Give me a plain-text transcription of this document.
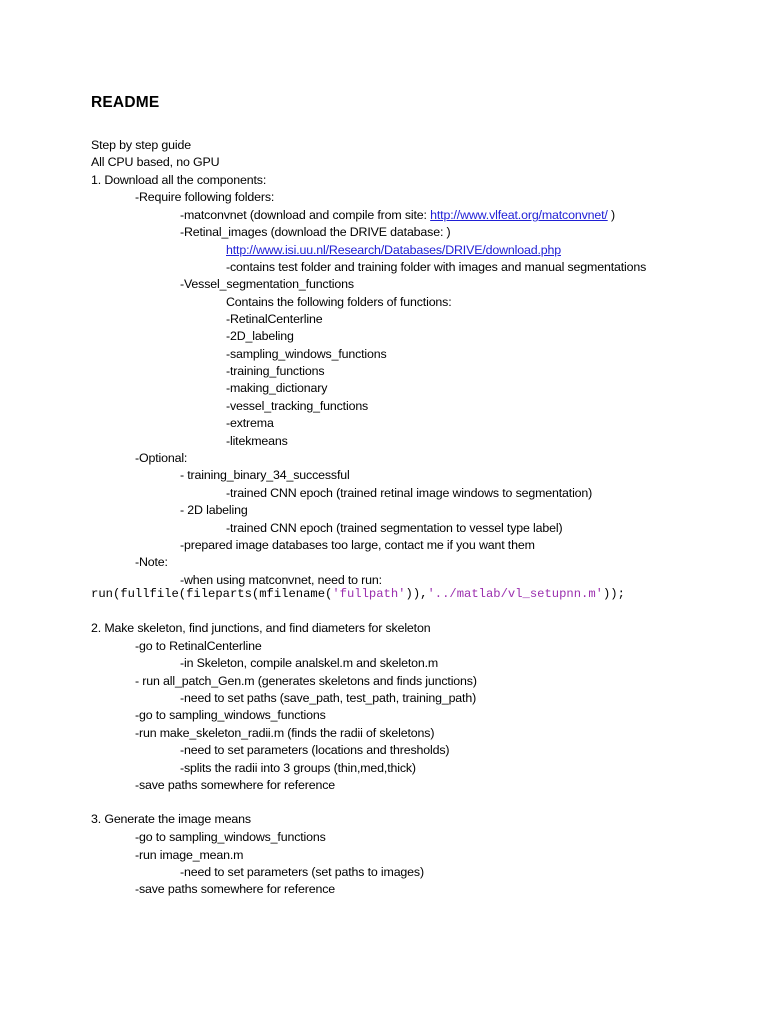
README
Step by step guide
All CPU based, no GPU
1. Download all the components:
-Require following folders:
-matconvnet (download and compile from site: http://www.vlfeat.org/matconvnet/ )
-Retinal_images (download the DRIVE database: )
http://www.isi.uu.nl/Research/Databases/DRIVE/download.php
-contains test folder and training folder with images and manual segmentations
-Vessel_segmentation_functions
Contains the following folders of functions:
-RetinalCenterline
-2D_labeling
-sampling_windows_functions
-training_functions
-making_dictionary
-vessel_tracking_functions
-extrema
-litekmeans
-Optional:
- training_binary_34_successful
-trained CNN epoch (trained retinal image windows to segmentation)
- 2D labeling
-trained CNN epoch (trained segmentation to vessel type label)
-prepared image databases too large, contact me if you want them
-Note:
-when using matconvnet, need to run:
run(fullfile(fileparts(mfilename('fullpath')),'../matlab/vl_setupnn.m'));
2. Make skeleton, find junctions, and find diameters for skeleton
-go to RetinalCenterline
-in Skeleton, compile analskel.m and skeleton.m
- run all_patch_Gen.m (generates skeletons and finds junctions)
-need to set paths (save_path, test_path, training_path)
-go to sampling_windows_functions
-run make_skeleton_radii.m (finds the radii of skeletons)
-need to set parameters (locations and thresholds)
-splits the radii into 3 groups (thin,med,thick)
-save paths somewhere for reference
3. Generate the image means
-go to sampling_windows_functions
-run image_mean.m
-need to set parameters (set paths to images)
-save paths somewhere for reference
